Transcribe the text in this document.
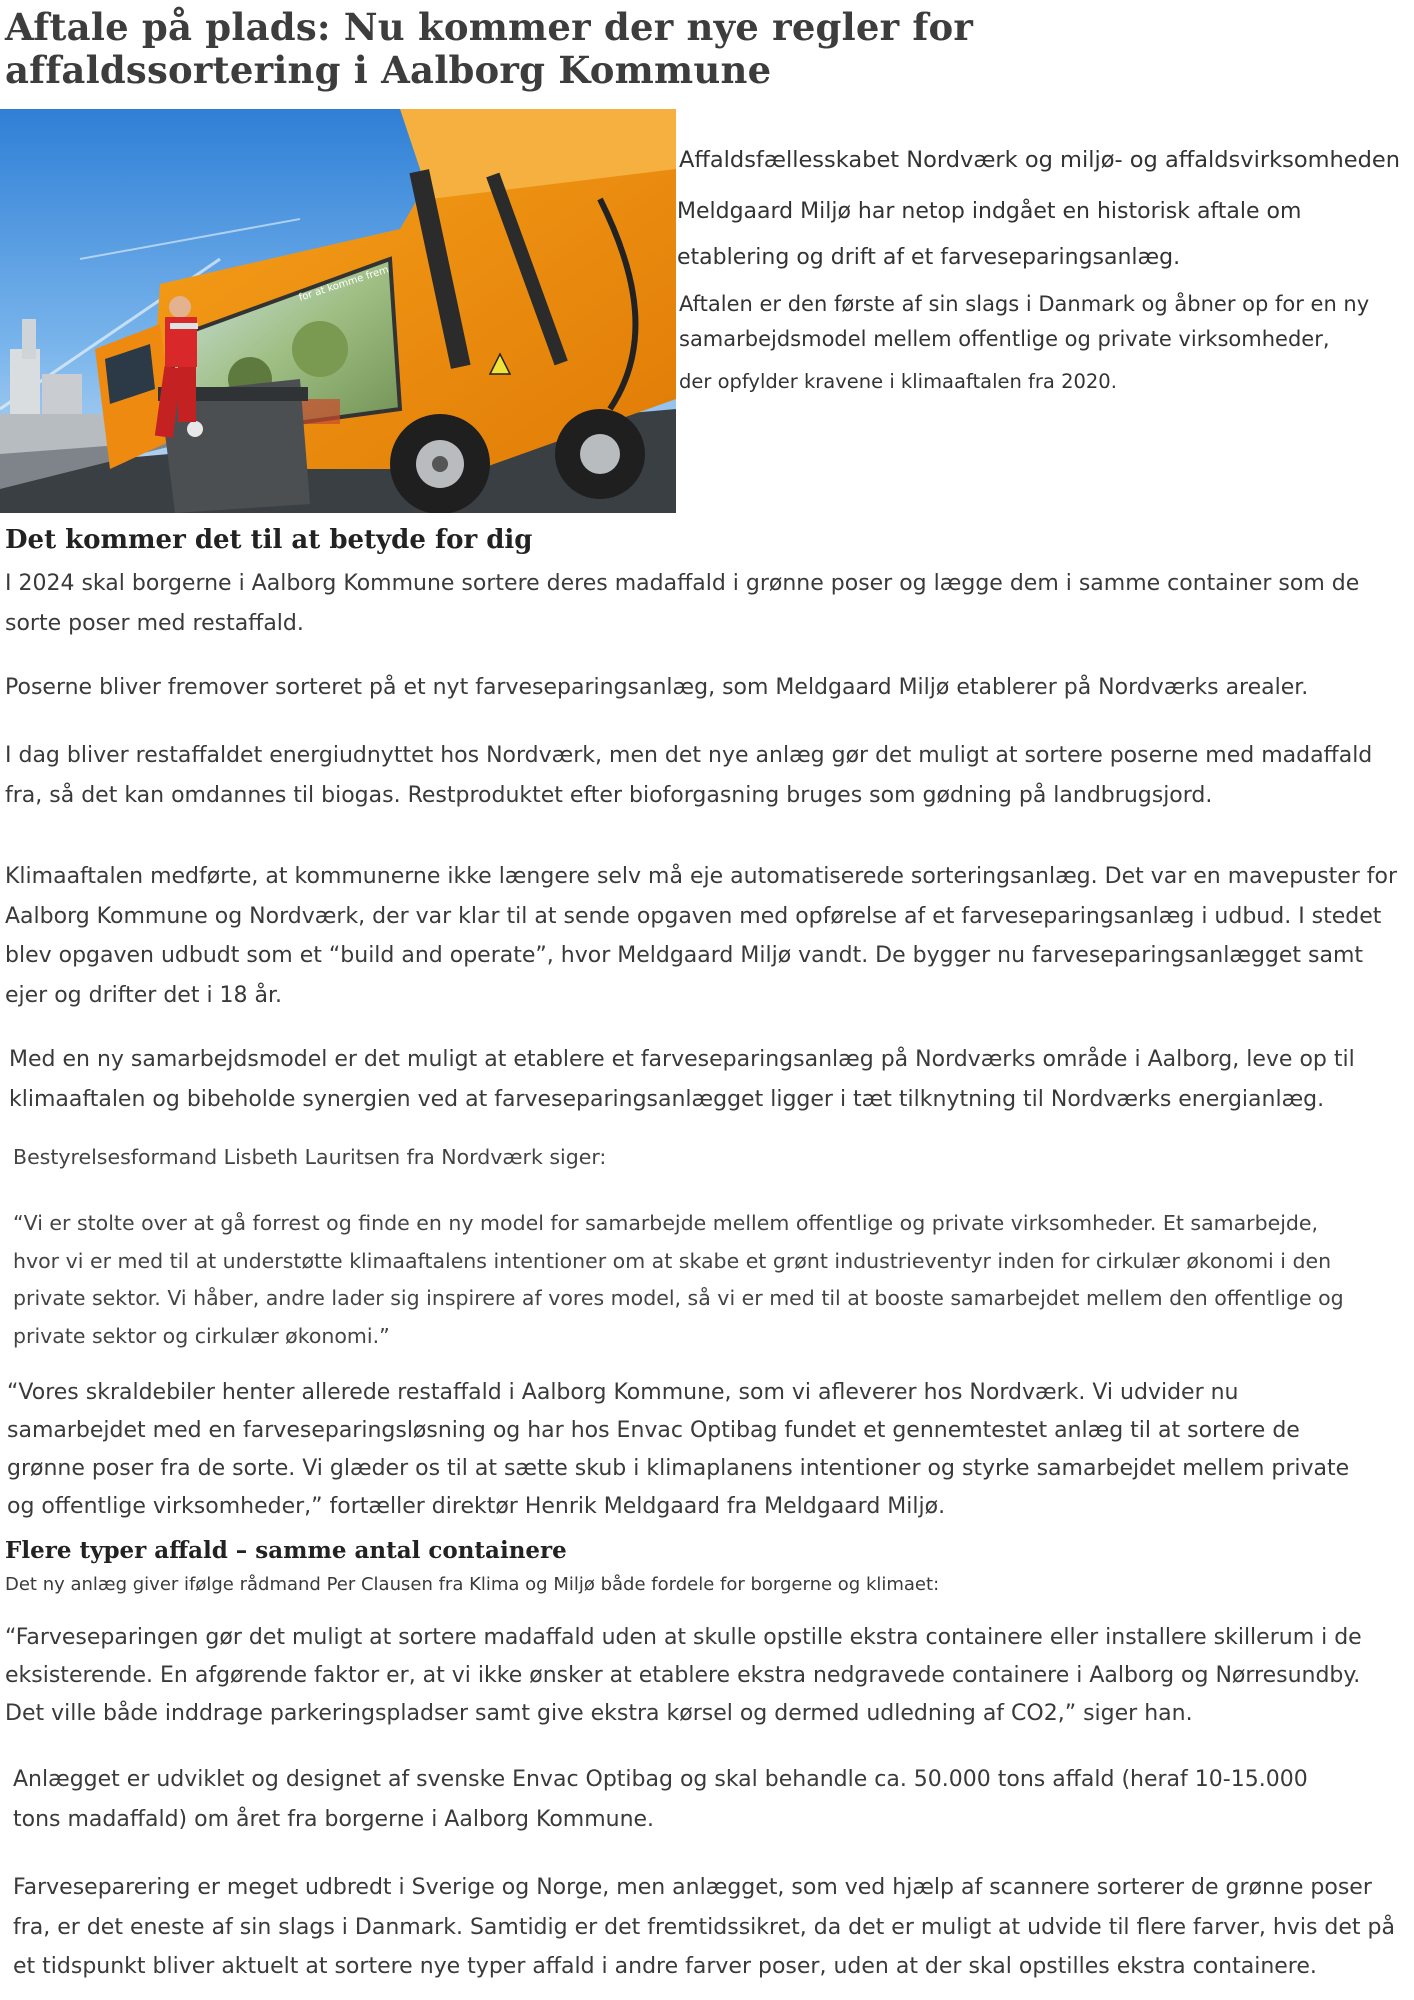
Aftale på plads: Nu kommer der nye regler for affaldssortering i Aalborg Kommune
for at komme frem
Affaldsfællesskabet Nordværk og miljø- og affaldsvirksomheden
Meldgaard Miljø har netop indgået en historisk aftale om
etablering og drift af et farveseparingsanlæg.
Aftalen er den første af sin slags i Danmark og åbner op for en ny
samarbejdsmodel mellem offentlige og private virksomheder,
der opfylder kravene i klimaaftalen fra 2020.
Det kommer det til at betyde for dig

I 2024 skal borgerne i Aalborg Kommune sortere deres madaffald i grønne poser og lægge dem i samme container som de sorte poser med restaffald.

Poserne bliver fremover sorteret på et nyt farveseparingsanlæg, som Meldgaard Miljø etablerer på Nordværks arealer.

I dag bliver restaffaldet energiudnyttet hos Nordværk, men det nye anlæg gør det muligt at sortere poserne med madaffald fra, så det kan omdannes til biogas. Restproduktet efter bioforgasning bruges som gødning på landbrugsjord.

Klimaaftalen medførte, at kommunerne ikke længere selv må eje automatiserede sorteringsanlæg. Det var en mavepuster for Aalborg Kommune og Nordværk, der var klar til at sende opgaven med opførelse af et farveseparingsanlæg i udbud. I stedet blev opgaven udbudt som et “build and operate”, hvor Meldgaard Miljø vandt. De bygger nu farveseparingsanlægget samt ejer og drifter det i 18 år.

Med en ny samarbejdsmodel er det muligt at etablere et farveseparingsanlæg på Nordværks område i Aalborg, leve op til klimaaftalen og bibeholde synergien ved at farveseparingsanlægget ligger i tæt tilknytning til Nordværks energianlæg.

Bestyrelsesformand Lisbeth Lauritsen fra Nordværk siger:

“Vi er stolte over at gå forrest og finde en ny model for samarbejde mellem offentlige og private virksomheder. Et samarbejde, hvor vi er med til at understøtte klimaaftalens intentioner om at skabe et grønt industrieventyr inden for cirkulær økonomi i den private sektor. Vi håber, andre lader sig inspirere af vores model, så vi er med til at booste samarbejdet mellem den offentlige og private sektor og cirkulær økonomi.”

“Vores skraldebiler henter allerede restaffald i Aalborg Kommune, som vi afleverer hos Nordværk. Vi udvider nu samarbejdet med en farveseparingsløsning og har hos Envac Optibag fundet et gennemtestet anlæg til at sortere de grønne poser fra de sorte. Vi glæder os til at sætte skub i klimaplanens intentioner og styrke samarbejdet mellem private og offentlige virksomheder,” fortæller direktør Henrik Meldgaard fra Meldgaard Miljø.

Flere typer affald – samme antal containere

Det ny anlæg giver ifølge rådmand Per Clausen fra Klima og Miljø både fordele for borgerne og klimaet:

“Farveseparingen gør det muligt at sortere madaffald uden at skulle opstille ekstra containere eller installere skillerum i de eksisterende. En afgørende faktor er, at vi ikke ønsker at etablere ekstra nedgravede containere i Aalborg og Nørresundby. Det ville både inddrage parkeringspladser samt give ekstra kørsel og dermed udledning af CO2,” siger han.

Anlægget er udviklet og designet af svenske Envac Optibag og skal behandle ca. 50.000 tons affald (heraf 10-15.000 tons madaffald) om året fra borgerne i Aalborg Kommune.

Farveseparering er meget udbredt i Sverige og Norge, men anlægget, som ved hjælp af scannere sorterer de grønne poser fra, er det eneste af sin slags i Danmark. Samtidig er det fremtidssikret, da det er muligt at udvide til flere farver, hvis det på et tidspunkt bliver aktuelt at sortere nye typer affald i andre farver poser, uden at der skal opstilles ekstra containere.
